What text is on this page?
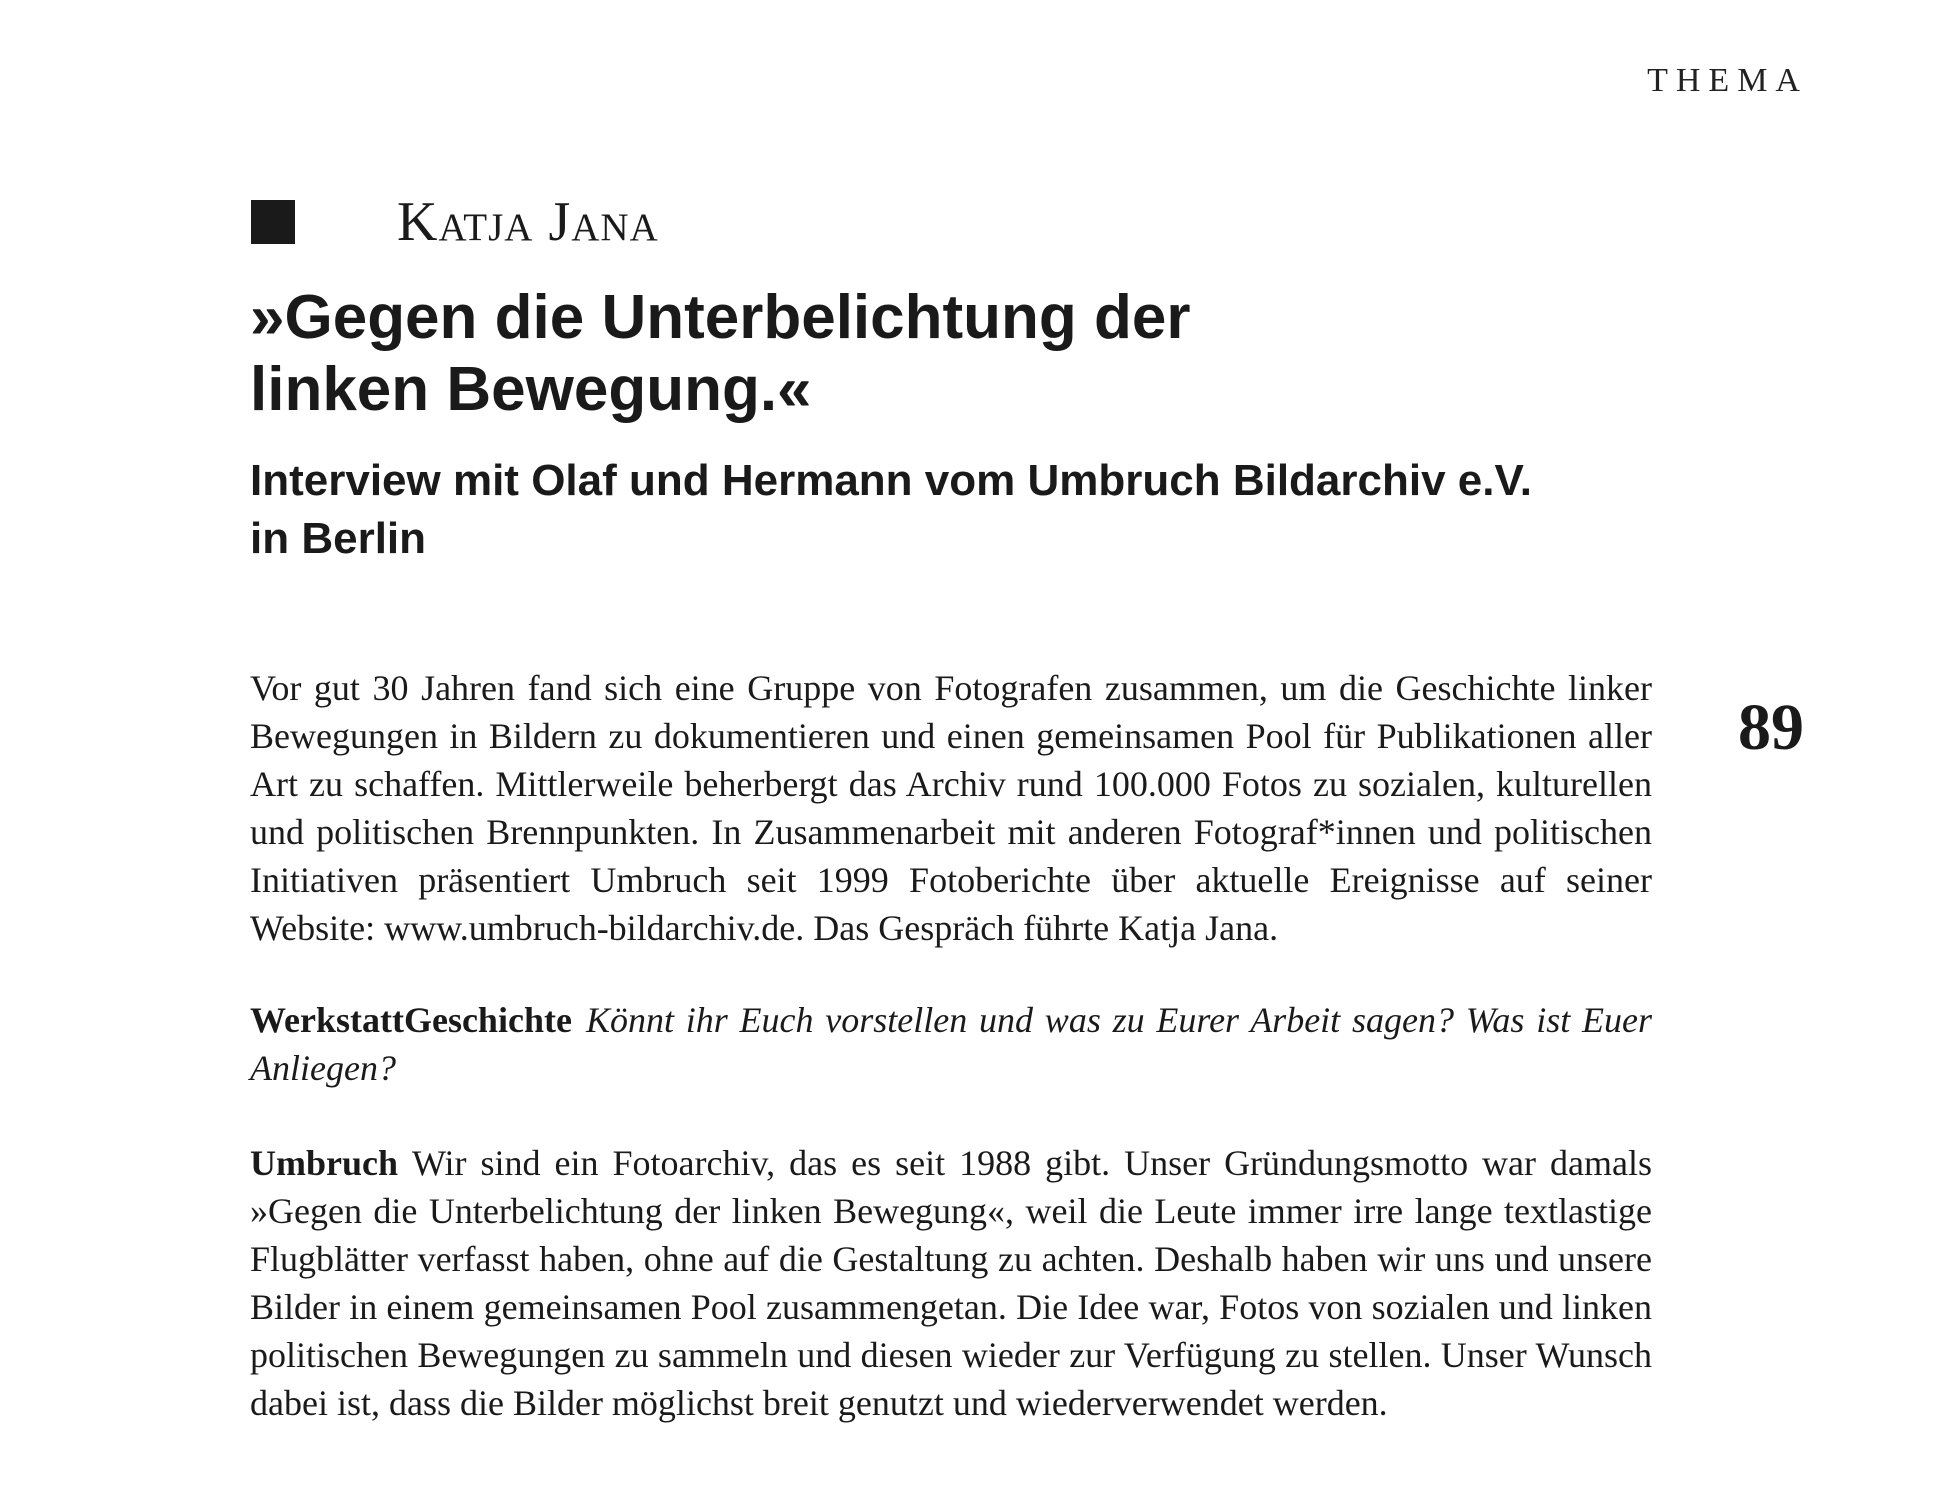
THEMA
Katja Jana
»Gegen die Unterbelichtung der
linken Bewegung.«
Interview mit Olaf und Hermann vom Umbruch Bildarchiv e.V.
in Berlin
89

Vor gut 30 Jahren fand sich eine Gruppe von Fotografen zusammen, um die Geschichte linker Bewegungen in Bildern zu dokumentieren und einen gemeinsamen Pool für Publikationen aller Art zu schaffen. Mittlerweile beherbergt das Archiv rund 100.000 Fotos zu sozialen, kulturellen und politischen Brennpunkten. In Zusammenarbeit mit anderen Fotograf*innen und politischen Initiativen präsentiert Umbruch seit 1999 Fotoberichte über aktuelle Ereignisse auf seiner Website: www.umbruch-bildarchiv.de. Das Gespräch führte Katja Jana.

WerkstattGeschichte Könnt ihr Euch vorstellen und was zu Eurer Arbeit sagen? Was ist Euer Anliegen?

Umbruch Wir sind ein Fotoarchiv, das es seit 1988 gibt. Unser Gründungsmotto war damals »Gegen die Unterbelichtung der linken Bewegung«, weil die Leute immer irre lange textlastige Flugblätter verfasst haben, ohne auf die Gestaltung zu achten. Deshalb haben wir uns und unsere Bilder in einem gemeinsamen Pool zusammengetan. Die Idee war, Fotos von sozialen und linken politischen Bewegungen zu sammeln und diesen wieder zur Verfügung zu stellen. Unser Wunsch dabei ist, dass die Bilder möglichst breit genutzt und wiederverwendet werden.
